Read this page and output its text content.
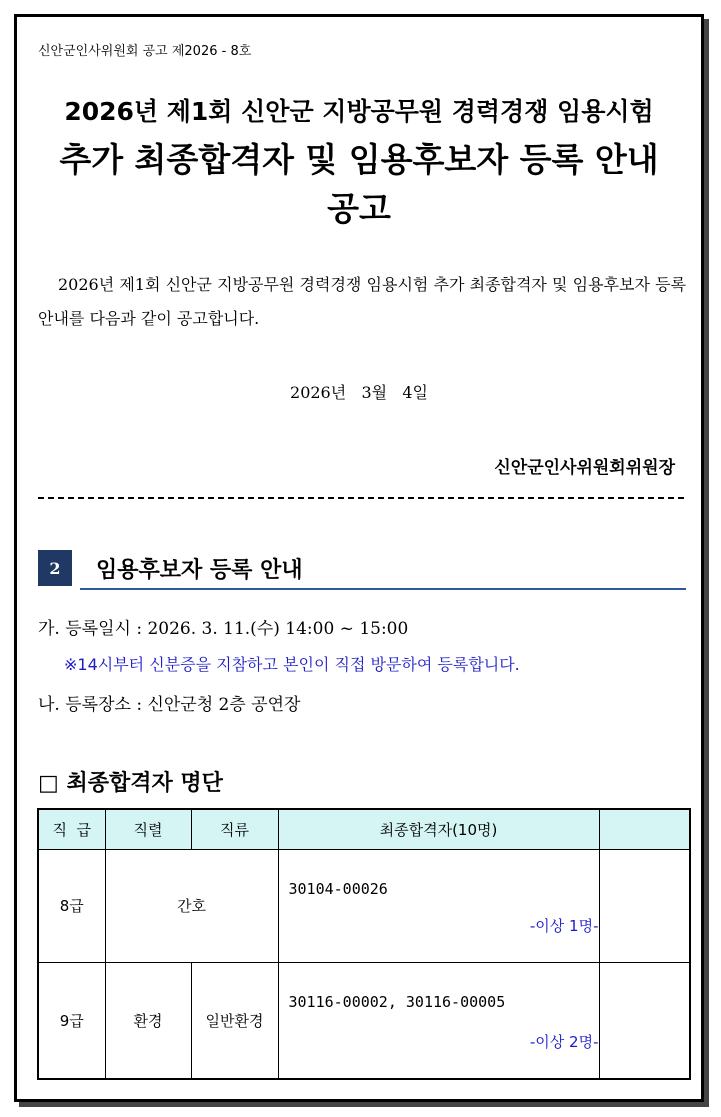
신안군인사위원회 공고 제2026 - 8호
2026년 제1회 신안군 지방공무원 경력경쟁 임용시험
추가 최종합격자 및 임용후보자 등록 안내
공고
2026년 제1회 신안군 지방공무원 경력경쟁 임용시험 추가 최종합격자 및 임용후보자 등록 안내를 다음과 같이 공고합니다.
2026년   3월   4일
신안군인사위원회위원장
2	임용후보자 등록 안내
가. 등록일시 : 2026. 3. 11.(수) 14:00 ~ 15:00
※14시부터 신분증을 지참하고 본인이 직접 방문하여 등록합니다.
나. 등록장소 : 신안군청 2층 공연장
□ 최종합격자 명단
직  급	직렬	직류	최종합격자(10명)	
8급	간호		30104-00026
-이상 1명-	

9급	환경	일반환경	30116-00002, 30116-00005
-이상 2명-	
